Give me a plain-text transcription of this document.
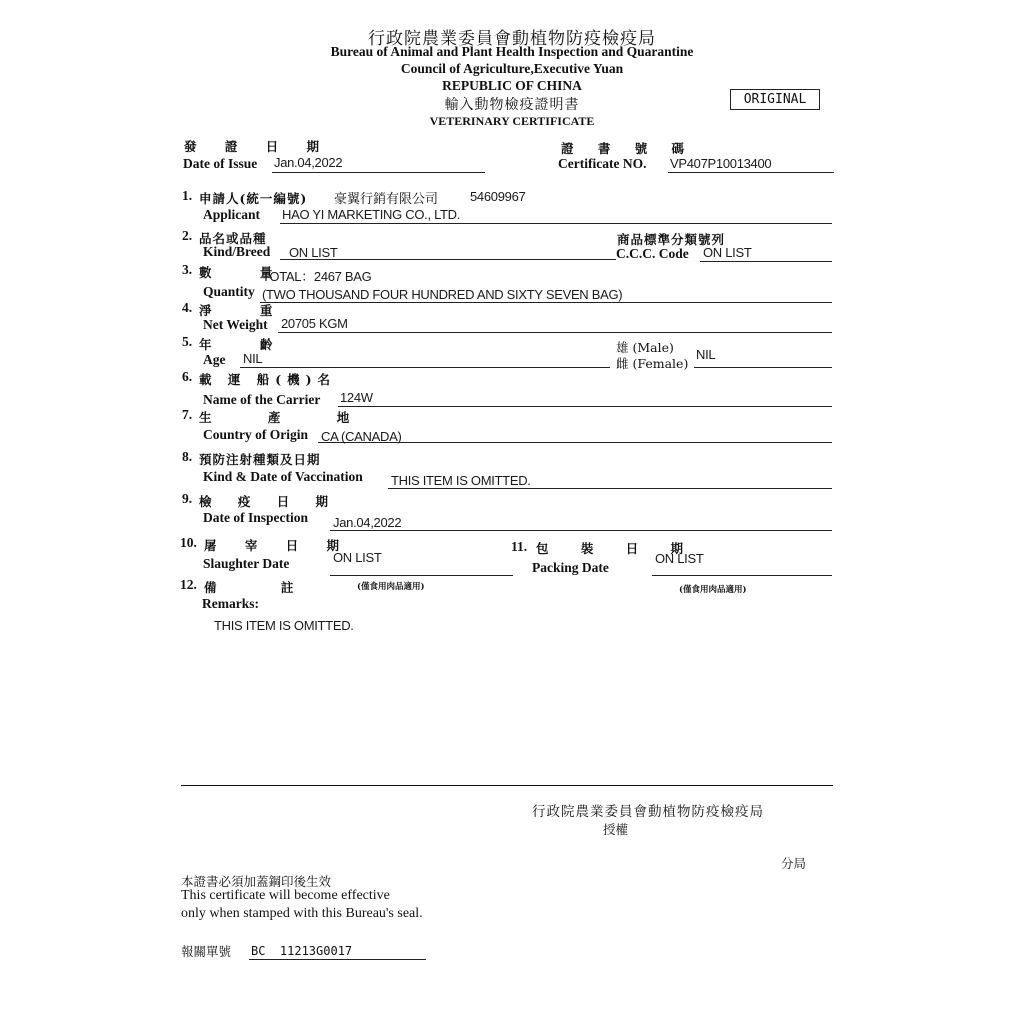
行政院農業委員會動植物防疫檢疫局
Bureau of Animal and Plant Health Inspection and Quarantine
Council of Agriculture,Executive Yuan
REPUBLIC OF CHINA
輸入動物檢疫證明書
VETERINARY CERTIFICATE
ORIGINAL
發 證 日 期
Date of Issue Jan.04,2022
證 書 號 碼
Certificate NO. VP407P10013400
1. 申請人(統一編號) 豪翼行銷有限公司 54609967
Applicant HAO YI MARKETING CO., LTD.
2. 品名或品種
Kind/Breed ON LIST
商品標準分類號列
C.C.C. Code ON LIST
3. 數 量
TOTAL：2467 BAG
Quantity (TWO THOUSAND FOUR HUNDRED AND SIXTY SEVEN BAG)
4. 淨 重
Net Weight 20705 KGM
5. 年 齡
Age NIL
雄 (Male)
雌 (Female)
NIL
6. 載 運 船(機)名
Name of the Carrier 124W
7. 生 產 地
Country of Origin CA (CANADA)
8. 預防注射種類及日期
Kind & Date of Vaccination THIS ITEM IS OMITTED.
9. 檢 疫 日 期
Date of Inspection Jan.04,2022
10. 屠 宰 日 期
Slaughter Date	ON LIST
(僅食用肉品適用)
11. 包 裝 日 期
Packing Date
ON LIST
(僅食用肉品適用)
12. 備 註
Remarks:
THIS ITEM IS OMITTED.
行政院農業委員會動植物防疫檢疫局
授權
分局
本證書必須加蓋鋼印後生效
This certificate will become effective
only when stamped with this Bureau's seal.
報關單號 BC  11213G0017
